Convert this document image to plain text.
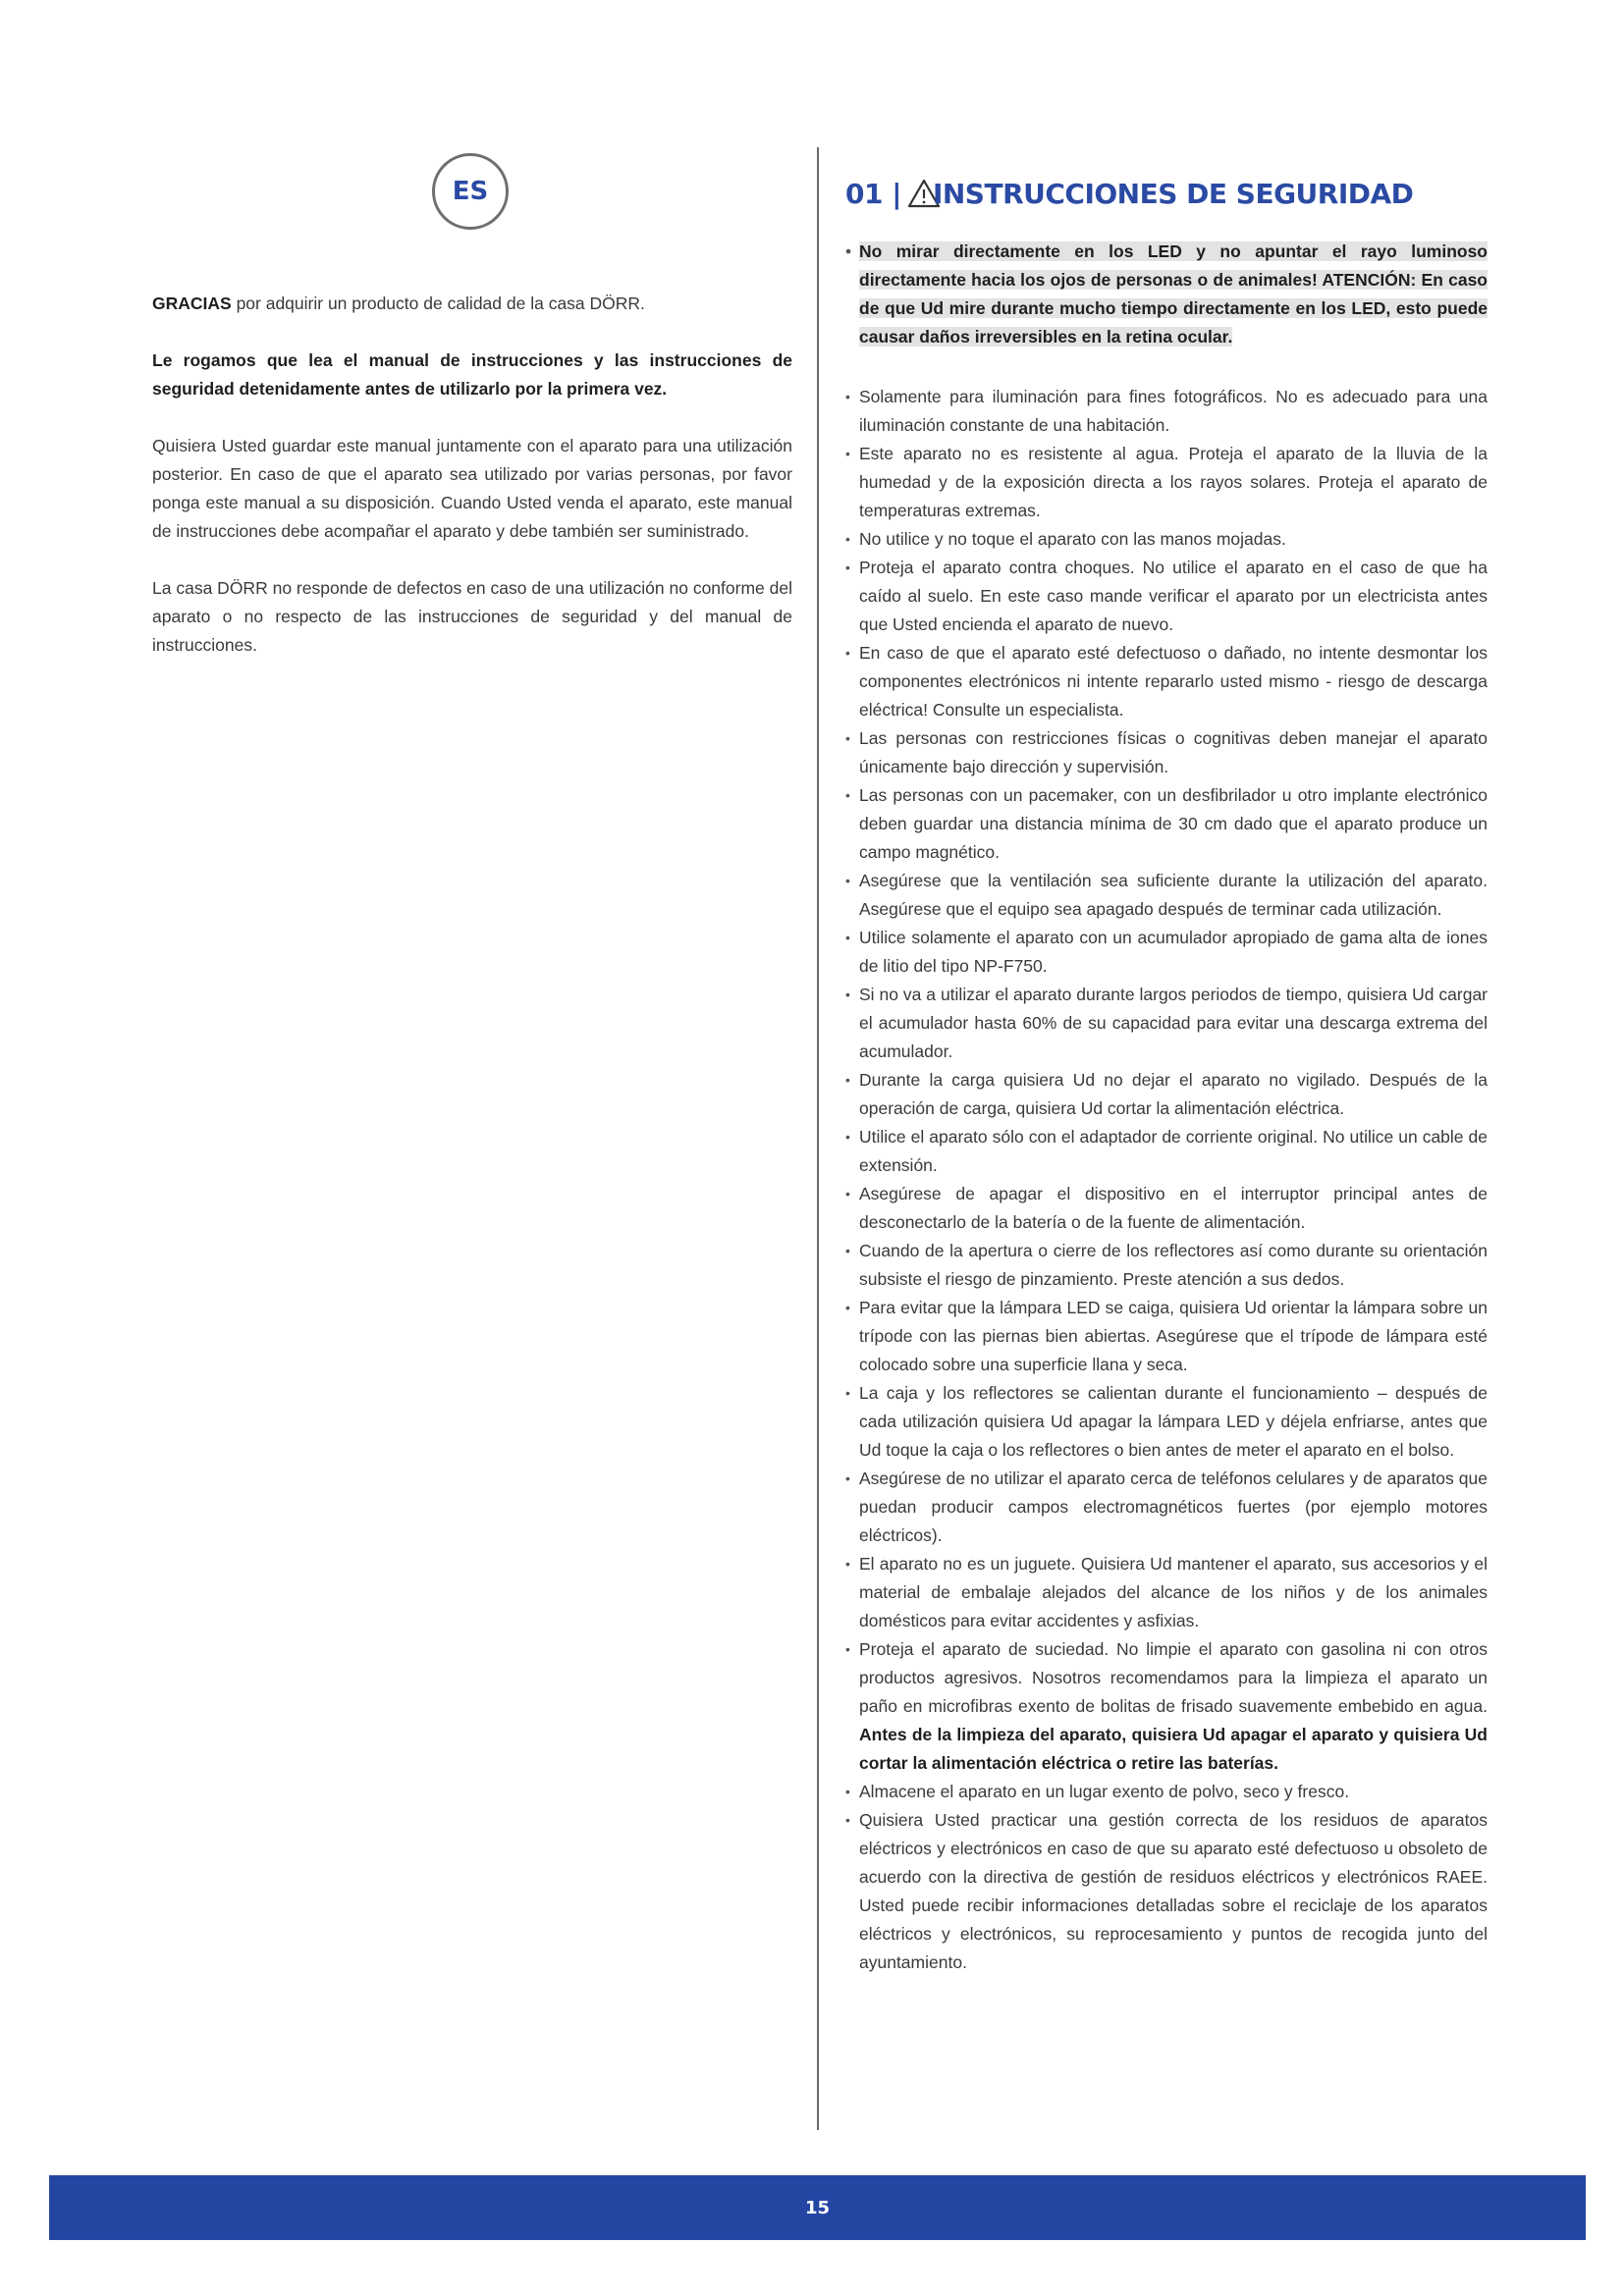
ES

GRACIAS por adquirir un producto de calidad de la casa DÖRR.

Le rogamos que lea el manual de instrucciones y las instrucciones de seguridad detenidamente antes de utilizarlo por la primera vez.

Quisiera Usted guardar este manual juntamente con el aparato para una utilización posterior. En caso de que el aparato sea utilizado por varias personas, por favor ponga este manual a su disposición. Cuando Usted venda el aparato, este manual de instrucciones debe acompañar el aparato y debe también ser suministrado.

La casa DÖRR no responde de defectos en caso de una utilización no conforme del aparato o no respecto de las instrucciones de seguridad y del manual de instrucciones.

01 | INSTRUCCIONES DE SEGURIDAD
• No mirar directamente en los LED y no apuntar el rayo luminoso directamente hacia los ojos de personas o de animales! ATENCIÓN: En caso de que Ud mire durante mucho tiempo directamente en los LED, esto puede causar daños irreversibles en la retina ocular.
• Solamente para iluminación para fines fotográficos. No es adecuado para una iluminación constante de una habitación.
• Este aparato no es resistente al agua. Proteja el aparato de la lluvia de la humedad y de la exposición directa a los rayos solares. Proteja el aparato de temperaturas extremas.
• No utilice y no toque el aparato con las manos mojadas.
• Proteja el aparato contra choques. No utilice el aparato en el caso de que ha caído al suelo. En este caso mande verificar el aparato por un electricista antes que Usted encienda el aparato de nuevo.
• En caso de que el aparato esté defectuoso o dañado, no intente desmontar los componentes electrónicos ni intente repararlo usted mismo - riesgo de descarga eléctrica! Consulte un especialista.
• Las personas con restricciones físicas o cognitivas deben manejar el aparato únicamente bajo dirección y supervisión.
• Las personas con un pacemaker, con un desfibrilador u otro implante electrónico deben guardar una distancia mínima de 30 cm dado que el aparato produce un campo magnético.
• Asegúrese que la ventilación sea suficiente durante la utilización del aparato. Asegúrese que el equipo sea apagado después de terminar cada utilización.
• Utilice solamente el aparato con un acumulador apropiado de gama alta de iones de litio del tipo NP-F750.
• Si no va a utilizar el aparato durante largos periodos de tiempo, quisiera Ud cargar el acumulador hasta 60% de su capacidad para evitar una descarga extrema del acumulador.
• Durante la carga quisiera Ud no dejar el aparato no vigilado. Después de la operación de carga, quisiera Ud cortar la alimentación eléctrica.
• Utilice el aparato sólo con el adaptador de corriente original. No utilice un cable de extensión.
• Asegúrese de apagar el dispositivo en el interruptor principal antes de desconectarlo de la batería o de la fuente de alimentación.
• Cuando de la apertura o cierre de los reflectores así como durante su orientación subsiste el riesgo de pinzamiento. Preste atención a sus dedos.
• Para evitar que la lámpara LED se caiga, quisiera Ud orientar la lámpara sobre un trípode con las piernas bien abiertas. Asegúrese que el trípode de lámpara esté colocado sobre una superficie llana y seca.
• La caja y los reflectores se calientan durante el funcionamiento – después de cada utilización quisiera Ud apagar la lámpara LED y déjela enfriarse, antes que Ud toque la caja o los reflectores o bien antes de meter el aparato en el bolso.
• Asegúrese de no utilizar el aparato cerca de teléfonos celulares y de aparatos que puedan producir campos electromagnéticos fuertes (por ejemplo motores eléctricos).
• El aparato no es un juguete. Quisiera Ud mantener el aparato, sus accesorios y el material de embalaje alejados del alcance de los niños y de los animales domésticos para evitar accidentes y asfixias.
• Proteja el aparato de suciedad. No limpie el aparato con gasolina ni con otros productos agresivos. Nosotros recomendamos para la limpieza el aparato un paño en microfibras exento de bolitas de frisado suavemente embebido en agua. Antes de la limpieza del aparato, quisiera Ud apagar el aparato y quisiera Ud cortar la alimentación eléctrica o retire las baterías.
• Almacene el aparato en un lugar exento de polvo, seco y fresco.
• Quisiera Usted practicar una gestión correcta de los residuos de aparatos eléctricos y electrónicos en caso de que su aparato esté defectuoso u obsoleto de acuerdo con la directiva de gestión de residuos eléctricos y electrónicos RAEE. Usted puede recibir informaciones detalladas sobre el reciclaje de los aparatos eléctricos y electrónicos, su reprocesamiento y puntos de recogida junto del ayuntamiento.
15
